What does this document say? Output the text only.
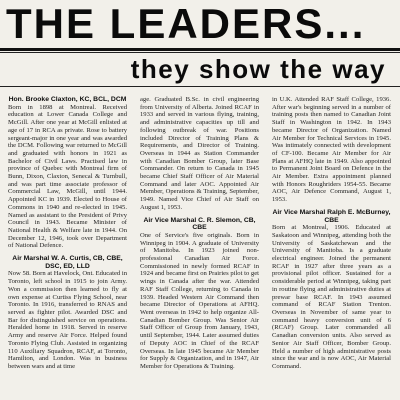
THE LEADERS...
they show the way
Hon. Brooke Claxton, KC, BCL, DCM

Born in 1898 at Montreal. Received education at Lower Canada College and McGill. After one year at McGill enlisted at age of 17 in RCA as private. Rose to battery sergeant-major in one year and was awarded the DCM. Following war returned to McGill and graduated with honors in 1921 as Bachelor of Civil Laws. Practised law in province of Quebec with Montreal firm of Bunn, Dixon, Claxton, Senecal & Turnbull, and was part time associate professor of Commercial Law, McGill, until 1944. Appointed KC in 1939. Elected to House of Commons in 1940 and re-elected in 1945. Named as assistant to the President of Privy Council in 1943. Became Minister of National Health & Welfare late in 1944. On December 12, 1946, took over Department of National Defence.

Air Marshal W. A. Curtis, CB, CBE, DSC, ED, LLD

Now 58. Born at Havelock, Ont. Educated in Toronto, left school in 1915 to join Army. Won a commission then learned to fly at own expense at Curtiss Flying School, near Toronto. In 1916, transferred to RNAS and served as fighter pilot. Awarded DSC and Bar for distinguished service on operations. Heralded home in 1918. Served in reserve Army and reserve Air Force. Helped found Toronto Flying Club. Assisted in organizing 110 Auxiliary Squadron, RCAF, at Toronto, Hamilton, and London. Was in business between wars and at time

age. Graduated B.Sc. in civil engineering from University of Alberta. Joined RCAF in 1933 and served in various flying, training, and administrative capacities up till and following outbreak of war. Positions included Director of Training Plans & Requirements, and Director of Training. Overseas in 1944 as Station Commander with Canadian Bomber Group, later Base Commander. On return to Canada in 1945 became Chief Staff Officer of Air Material Command and later AOC. Appointed Air Member, Operations & Training, September, 1949. Named Vice Chief of Air Staff on August 1, 1953.

Air Vice Marshal C. R. Slemon, CB, CBE

One of Service's five originals. Born in Winnipeg in 1904. A graduate of University of Manitoba. In 1923 joined non-professional Canadian Air Force. Commissioned in newly formed RCAF in 1924 and became first on Prairies pilot to get wings in Canada after the war. Attended RAF Staff College, returning to Canada in 1939. Headed Western Air Command then became Director of Operations at AFHQ. Went overseas in 1942 to help organize All-Canadian Bomber Group. Was Senior Air Staff Officer of Group from January, 1943, until September, 1944. Later assumed duties of Deputy AOC in Chief of the RCAF Overseas. In late 1945 became Air Member for Supply & Organization, and in 1947, Air Member for Operations & Training.

in U.K. Attended RAF Staff College, 1936. After war's beginning served in a number of training posts then named to Canadian Joint Staff in Washington in 1942. In 1943 became Director of Organization. Named Air Member for Technical Services in 1945. Was intimately connected with development of CF-100. Became Air Member for Air Plans at AFHQ late in 1949. Also appointed to Permanent Joint Board on Defence in the Air Member. Extra appointment planned with Honors Roughriders 1954-55. Became AOC, Air Defence Command, August 1, 1953.

Air Vice Marshal Ralph E. McBurney, CBE

Born at Montreal, 1906. Educated at Saskatoon and Winnipeg, attending both the University of Saskatchewan and the University of Manitoba. Is a graduate electrical engineer. Joined the permanent RCAF in 1927 after three years as a provisional pilot officer. Sustained for a considerable period at Winnipeg, taking part in routine flying and administrative duties at prewar base RCAF. In 1943 assumed command of RCAF Station Trenton. Overseas in November of same year to command heavy conversion unit of 6 (RCAF) Group. Later commanded all Canadian conversion units. Also served as Senior Air Staff Officer, Bomber Group. Held a number of high administrative posts since the war and is now AOC, Air Material Command.
